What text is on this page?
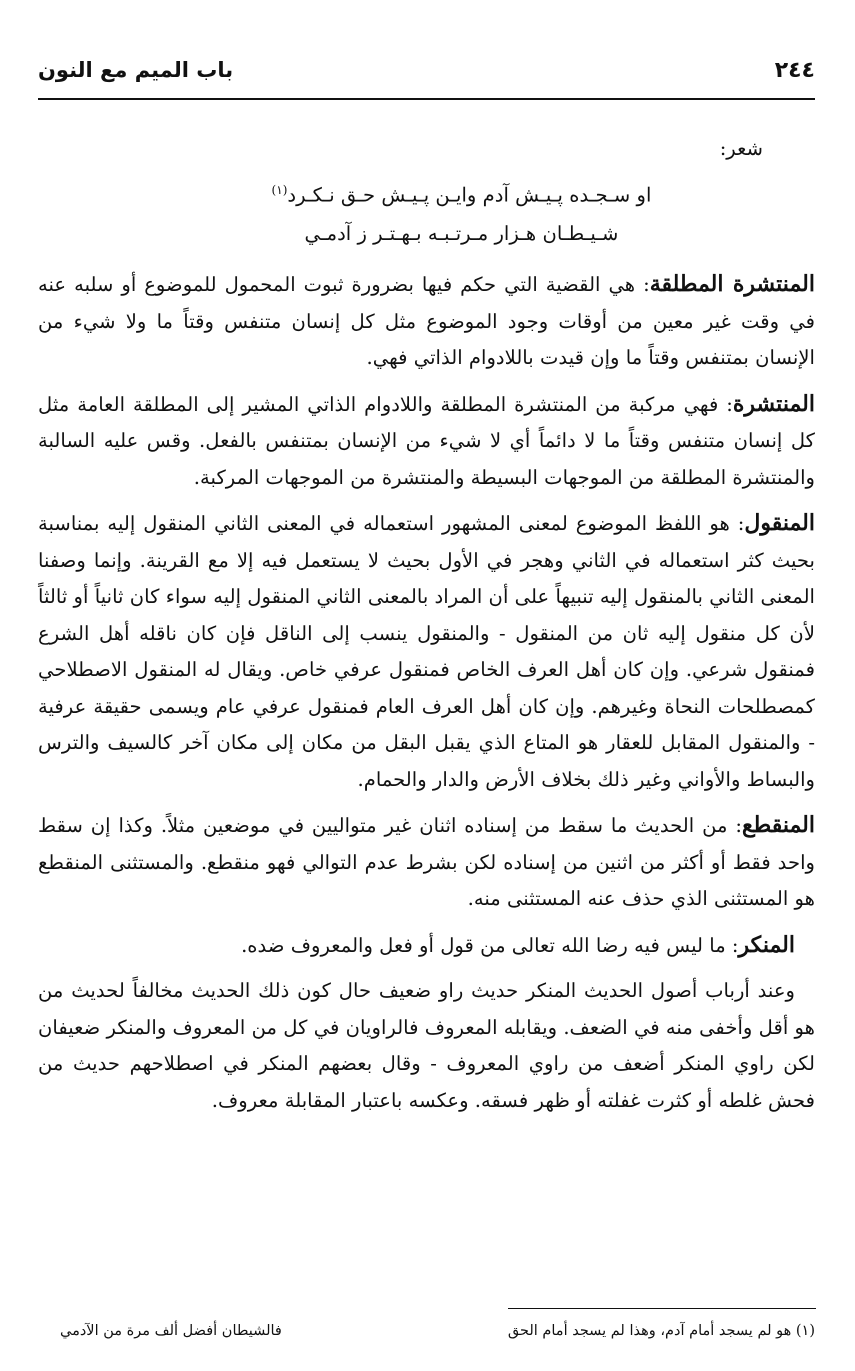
٢٤٤
باب الميم مع النون
شعر:
او سـجـده پـيـش آدم وايـن پـيـش حـق نـكـرد$^{(١)}$
شـيـطـان هـزار مـرتـبـه بـهـتـر ز آدمـي

المنتشرة المطلقة: هي القضية التي حكم فيها بضرورة ثبوت المحمول للموضوع أو سلبه عنه في وقت غير معين من أوقات وجود الموضوع مثل كل إنسان متنفس وقتاً ما ولا شيء من الإنسان بمتنفس وقتاً ما وإن قيدت باللادوام الذاتي فهي.

المنتشرة: فهي مركبة من المنتشرة المطلقة واللادوام الذاتي المشير إلى المطلقة العامة مثل كل إنسان متنفس وقتاً ما لا دائماً أي لا شيء من الإنسان بمتنفس بالفعل. وقس عليه السالبة والمنتشرة المطلقة من الموجهات البسيطة والمنتشرة من الموجهات المركبة.

المنقول: هو اللفظ الموضوع لمعنى المشهور استعماله في المعنى الثاني المنقول إليه بمناسبة بحيث كثر استعماله في الثاني وهجر في الأول بحيث لا يستعمل فيه إلا مع القرينة. وإنما وصفنا المعنى الثاني بالمنقول إليه تنبيهاً على أن المراد بالمعنى الثاني المنقول إليه سواء كان ثانياً أو ثالثاً لأن كل منقول إليه ثان من المنقول - والمنقول ينسب إلى الناقل فإن كان ناقله أهل الشرع فمنقول شرعي. وإن كان أهل العرف الخاص فمنقول عرفي خاص. ويقال له المنقول الاصطلاحي كمصطلحات النحاة وغيرهم. وإن كان أهل العرف العام فمنقول عرفي عام ويسمى حقيقة عرفية - والمنقول المقابل للعقار هو المتاع الذي يقبل البقل من مكان إلى مكان آخر كالسيف والترس والبساط والأواني وغير ذلك بخلاف الأرض والدار والحمام.

المنقطع: من الحديث ما سقط من إسناده اثنان غير متواليين في موضعين مثلاً. وكذا إن سقط واحد فقط أو أكثر من اثنين من إسناده لكن بشرط عدم التوالي فهو منقطع. والمستثنى المنقطع هو المستثنى الذي حذف عنه المستثنى منه.

المنكر: ما ليس فيه رضا الله تعالى من قول أو فعل والمعروف ضده.

وعند أرباب أصول الحديث المنكر حديث راو ضعيف حال كون ذلك الحديث مخالفاً لحديث من هو أقل وأخفى منه في الضعف. ويقابله المعروف فالراويان في كل من المعروف والمنكر ضعيفان لكن راوي المنكر أضعف من راوي المعروف - وقال بعضهم المنكر في اصطلاحهم حديث من فحش غلطه أو كثرت غفلته أو ظهر فسقه. وعكسه باعتبار المقابلة معروف.

(١) هو لم يسجد أمام آدم، وهذا لم يسجد أمام الحق
فالشيطان أفضل ألف مرة من الآدمي
